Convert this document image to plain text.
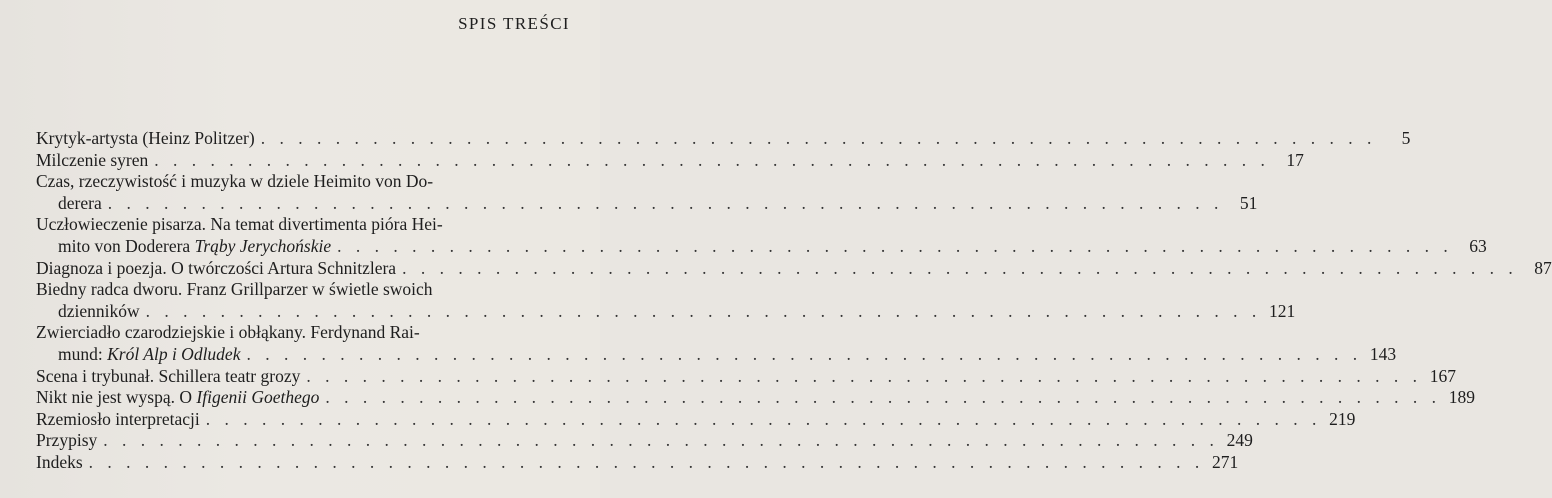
SPIS TREŚCI
Krytyk-artysta (Heinz Politzer) . . . . . . . . . . . . . . . . . . . . . . . . . . . . . . . . . . . . . . . . . . . . . . . . . . . . . . . . . . . .	5
Milczenie syren . . . . . . . . . . . . . . . . . . . . . . . . . . . . . . . . . . . . . . . . . . . . . . . . . . . . . . . . . . . . 17
Czas, rzeczywistość i muzyka w dziele Heimito von Do-
derera . . . . . . . . . . . . . . . . . . . . . . . . . . . . . . . . . . . . . . . . . . . . . . . . . . . . . . . . . . . . 51
Uczłowieczenie pisarza. Na temat divertimenta pióra Hei-
mito von Doderera Trąby Jerychońskie . . . . . . . . . . . . . . . . . . . . . . . . . . . . . . . . . . . . . . . . . . . . . . . . . . . . . . . . . . . . 63
Diagnoza i poezja. O twórczości Artura Schnitzlera . . . . . . . . . . . . . . . . . . . . . . . . . . . . . . . . . . . . . . . . . . . . . . . . . . . . . . . . . . . . 87
Biedny radca dworu. Franz Grillparzer w świetle swoich
dzienników . . . . . . . . . . . . . . . . . . . . . . . . . . . . . . . . . . . . . . . . . . . . . . . . . . . . . . . . . . . . 121
Zwierciadło czarodziejskie i obłąkany. Ferdynand Rai-
mund: Król Alp i Odludek . . . . . . . . . . . . . . . . . . . . . . . . . . . . . . . . . . . . . . . . . . . . . . . . . . . . . . . . . . . . 143
Scena i trybunał. Schillera teatr grozy . . . . . . . . . . . . . . . . . . . . . . . . . . . . . . . . . . . . . . . . . . . . . . . . . . . . . . . . . . . . 167
Nikt nie jest wyspą. O Ifigenii Goethego . . . . . . . . . . . . . . . . . . . . . . . . . . . . . . . . . . . . . . . . . . . . . . . . . . . . . . . . . . . . 189
Rzemiosło interpretacji . . . . . . . . . . . . . . . . . . . . . . . . . . . . . . . . . . . . . . . . . . . . . . . . . . . . . . . . . . . . 219
Przypisy . . . . . . . . . . . . . . . . . . . . . . . . . . . . . . . . . . . . . . . . . . . . . . . . . . . . . . . . . . . . 249
Indeks . . . . . . . . . . . . . . . . . . . . . . . . . . . . . . . . . . . . . . . . . . . . . . . . . . . . . . . . . . . . 271
